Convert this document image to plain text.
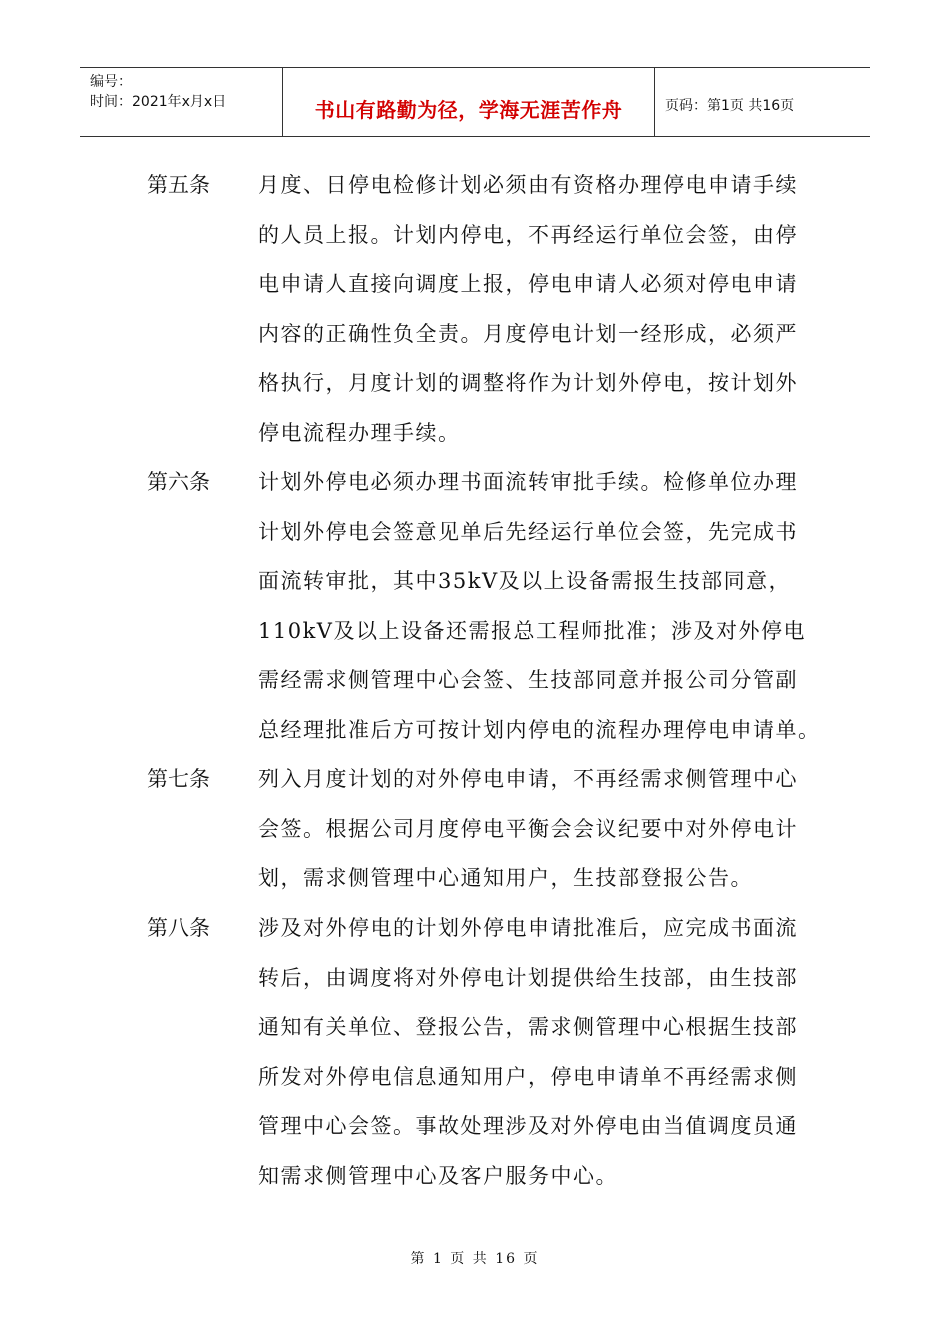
编号：
时间：2021年x月x日	书山有路勤为径，学海无涯苦作舟	页码：第1页 共16页
第五条 月度、日停电检修计划必须由有资格办理停电申请手续
的人员上报。计划内停电，不再经运行单位会签，由停
电申请人直接向调度上报，停电申请人必须对停电申请
内容的正确性负全责。月度停电计划一经形成，必须严
格执行，月度计划的调整将作为计划外停电，按计划外
停电流程办理手续。
第六条 计划外停电必须办理书面流转审批手续。检修单位办理
计划外停电会签意见单后先经运行单位会签，先完成书
面流转审批，其中35kV及以上设备需报生技部同意，
110kV及以上设备还需报总工程师批准；涉及对外停电
需经需求侧管理中心会签、生技部同意并报公司分管副
总经理批准后方可按计划内停电的流程办理停电申请单。
第七条 列入月度计划的对外停电申请，不再经需求侧管理中心
会签。根据公司月度停电平衡会会议纪要中对外停电计
划，需求侧管理中心通知用户，生技部登报公告。
第八条 涉及对外停电的计划外停电申请批准后，应完成书面流
转后，由调度将对外停电计划提供给生技部，由生技部
通知有关单位、登报公告，需求侧管理中心根据生技部
所发对外停电信息通知用户，停电申请单不再经需求侧
管理中心会签。事故处理涉及对外停电由当值调度员通
知需求侧管理中心及客户服务中心。
第 1 页 共 16 页
